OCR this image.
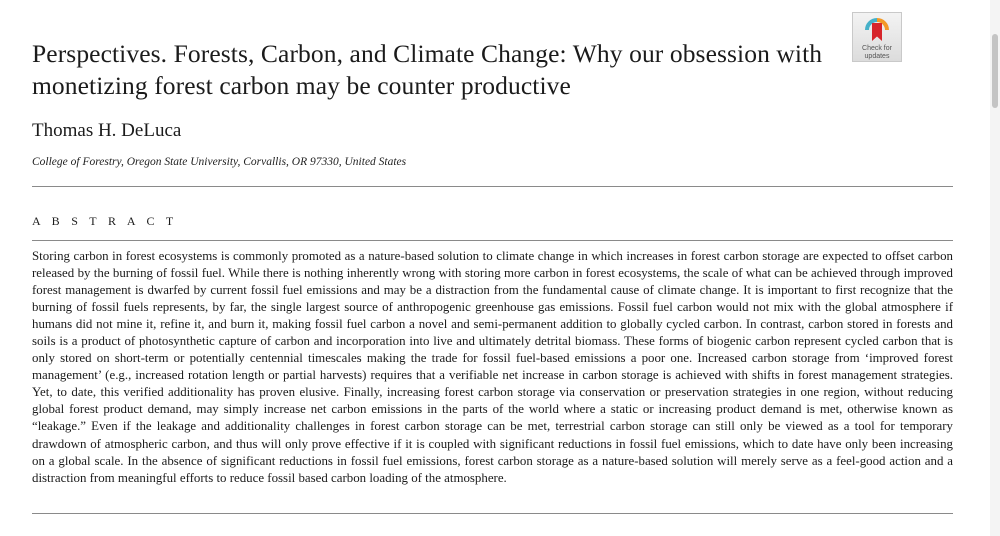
Perspectives. Forests, Carbon, and Climate Change: Why our obsession with monetizing forest carbon may be counter productive
Check for
updates
Thomas H. DeLuca
College of Forestry, Oregon State University, Corvallis, OR 97330, United States
A B S T R A C T

Storing carbon in forest ecosystems is commonly promoted as a nature-based solution to climate change in which increases in forest carbon storage are expected to offset carbon released by the burning of fossil fuel. While there is nothing inherently wrong with storing more carbon in forest ecosystems, the scale of what can be achieved through improved forest management is dwarfed by current fossil fuel emissions and may be a distraction from the fundamental cause of climate change. It is important to first recognize that the burning of fossil fuels represents, by far, the single largest source of anthropogenic greenhouse gas emissions. Fossil fuel carbon would not mix with the global atmosphere if humans did not mine it, refine it, and burn it, making fossil fuel carbon a novel and semi-permanent addition to globally cycled carbon. In contrast, carbon stored in forests and soils is a product of photosynthetic capture of carbon and incorporation into live and ultimately detrital biomass. These forms of biogenic carbon represent cycled carbon that is only stored on short-term or potentially centennial timescales making the trade for fossil fuel-based emissions a poor one. Increased carbon storage from ‘improved forest management’ (e.g., increased rotation length or partial harvests) requires that a verifiable net increase in carbon storage is achieved with shifts in forest management strategies. Yet, to date, this verified additionality has proven elusive. Finally, increasing forest carbon storage via conservation or preservation strategies in one region, without reducing global forest product demand, may simply increase net carbon emissions in the parts of the world where a static or increasing product demand is met, otherwise known as “leakage.” Even if the leakage and additionality challenges in forest carbon storage can be met, terrestrial carbon storage can still only be viewed as a tool for temporary drawdown of atmospheric carbon, and thus will only prove effective if it is coupled with significant reductions in fossil fuel emissions, which to date have only been increasing on a global scale. In the absence of significant reductions in fossil fuel emissions, forest carbon storage as a nature-based solution will merely serve as a feel-good action and a distraction from meaningful efforts to reduce fossil based carbon loading of the atmosphere.
